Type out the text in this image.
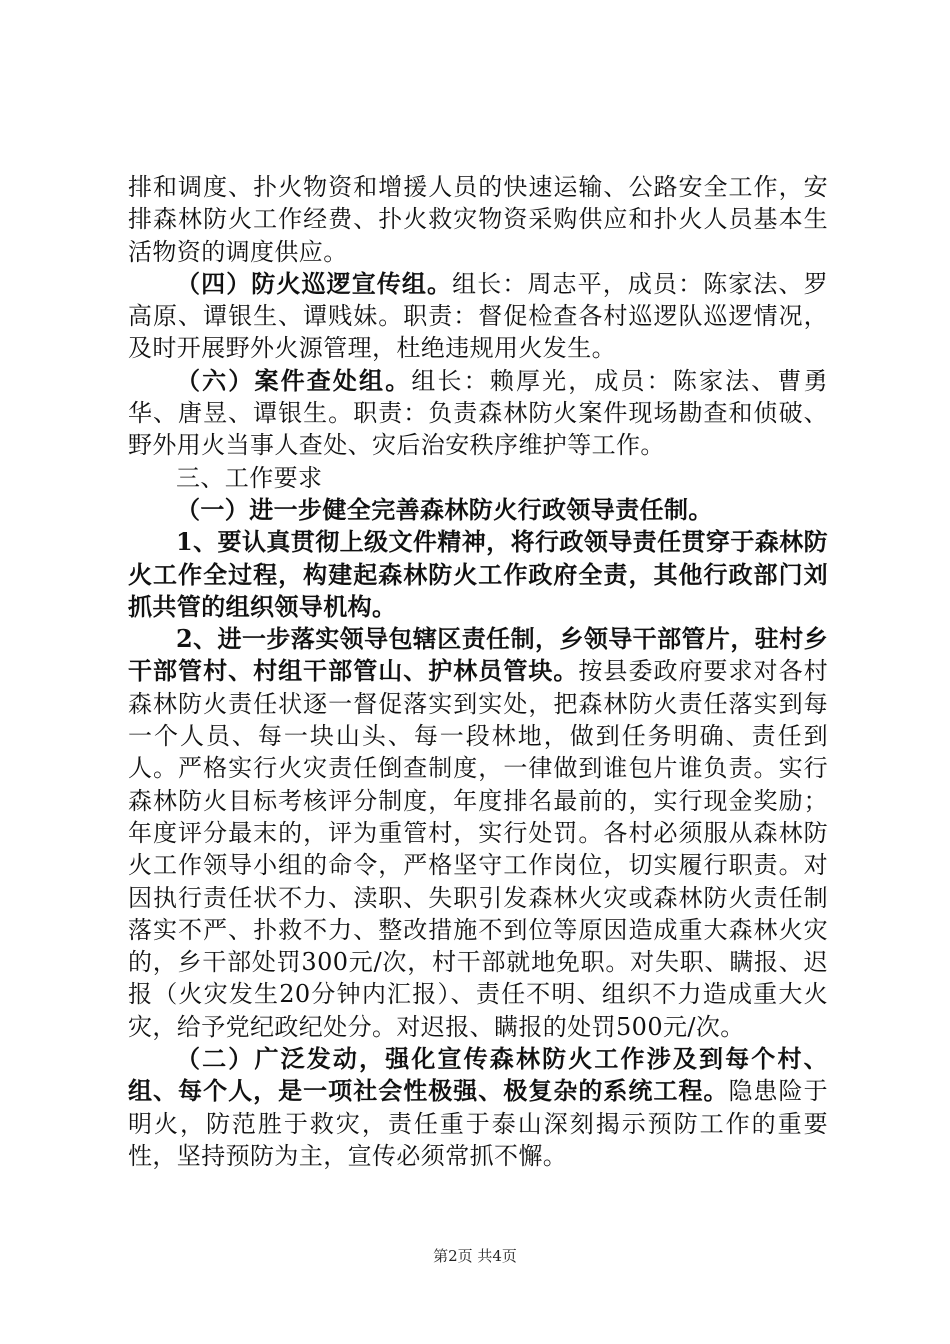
排和调度、扑火物资和增援人员的快速运输、公路安全工作，安排森林防火工作经费、扑火救灾物资采购供应和扑火人员基本生活物资的调度供应。

（四）防火巡逻宣传组。组长：周志平，成员：陈家法、罗高原、谭银生、谭贱妹。职责：督促检查各村巡逻队巡逻情况，及时开展野外火源管理，杜绝违规用火发生。

（六）案件查处组。组长：赖厚光，成员：陈家法、曹勇华、唐昱、谭银生。职责：负责森林防火案件现场勘查和侦破、野外用火当事人查处、灾后治安秩序维护等工作。

三、工作要求

（一）进一步健全完善森林防火行政领导责任制。

1、要认真贯彻上级文件精神，将行政领导责任贯穿于森林防火工作全过程，构建起森林防火工作政府全责，其他行政部门刘抓共管的组织领导机构。

2、进一步落实领导包辖区责任制，乡领导干部管片，驻村乡干部管村、村组干部管山、护林员管块。按县委政府要求对各村森林防火责任状逐一督促落实到实处，把森林防火责任落实到每一个人员、每一块山头、每一段林地，做到任务明确、责任到人。严格实行火灾责任倒查制度，一律做到谁包片谁负责。实行森林防火目标考核评分制度，年度排名最前的，实行现金奖励；年度评分最末的，评为重管村，实行处罚。各村必须服从森林防火工作领导小组的命令，严格坚守工作岗位，切实履行职责。对因执行责任状不力、渎职、失职引发森林火灾或森林防火责任制落实不严、扑救不力、整改措施不到位等原因造成重大森林火灾的，乡干部处罚300元/次，村干部就地免职。对失职、瞒报、迟报（火灾发生20分钟内汇报）、责任不明、组织不力造成重大火灾，给予党纪政纪处分。对迟报、瞒报的处罚500元/次。

（二）广泛发动，强化宣传森林防火工作涉及到每个村、组、每个人，是一项社会性极强、极复杂的系统工程。隐患险于明火，防范胜于救灾，责任重于泰山深刻揭示预防工作的重要性，坚持预防为主，宣传必须常抓不懈。

第2页 共4页
